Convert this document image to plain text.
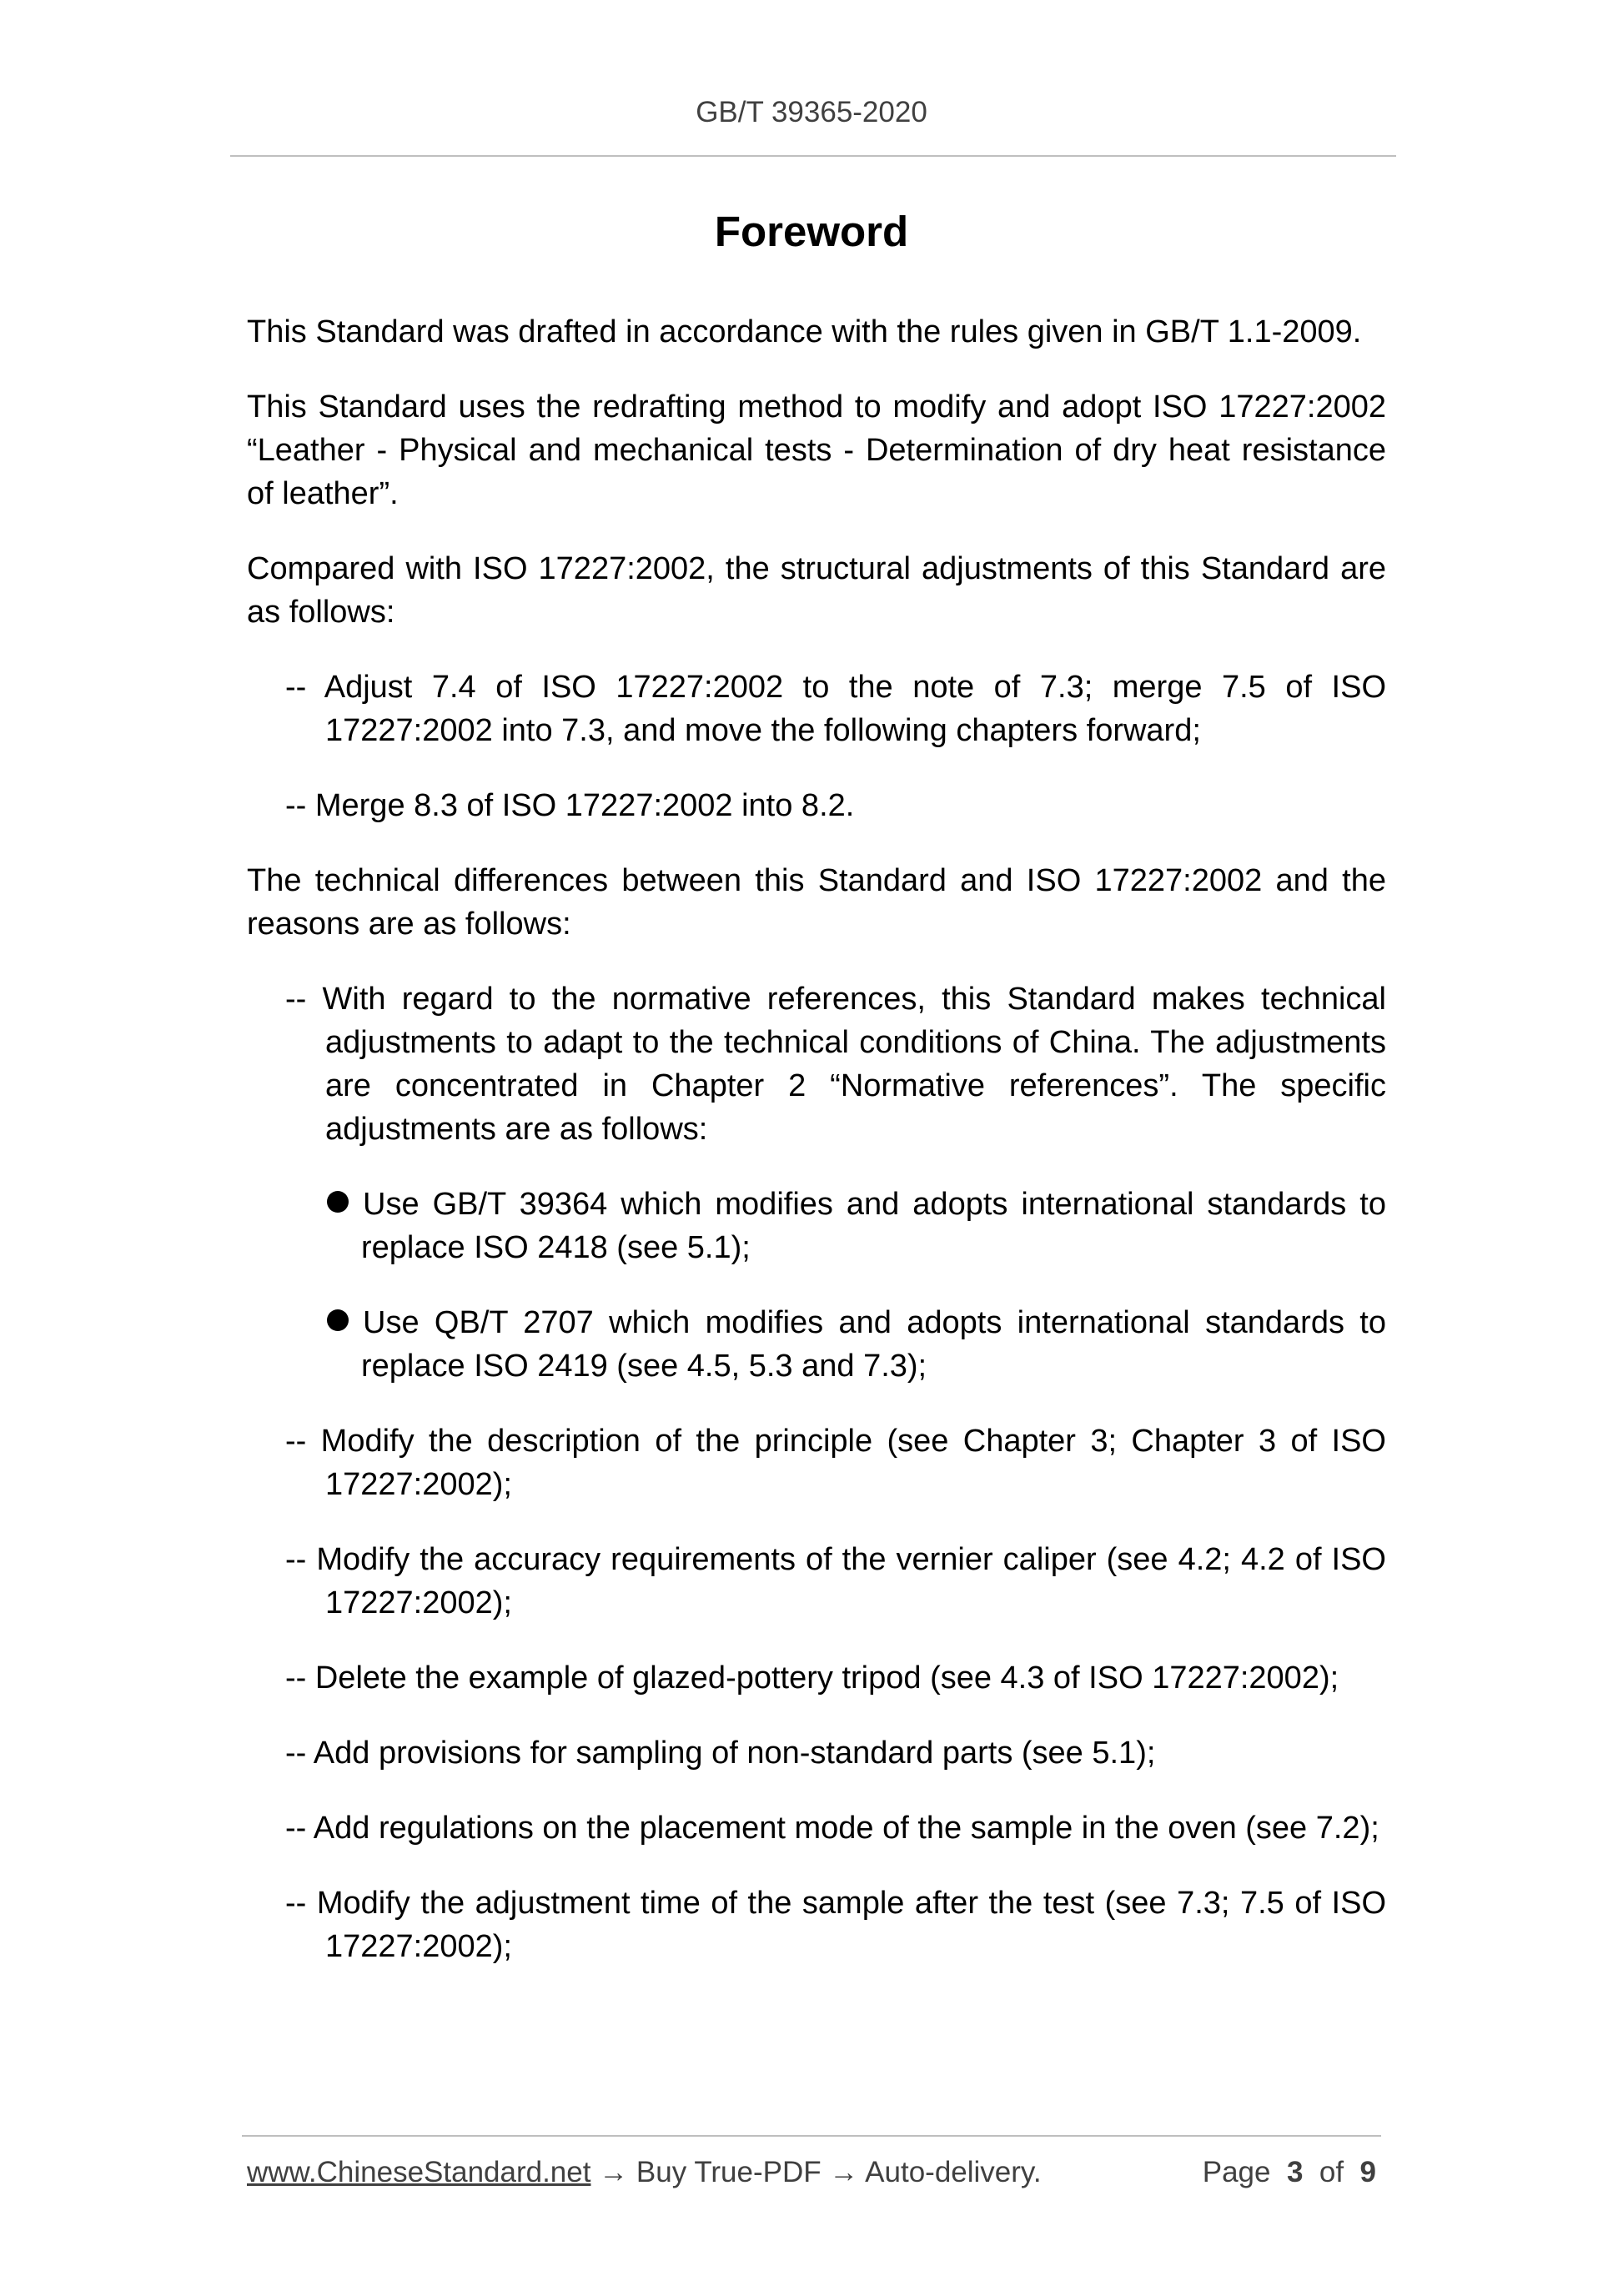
GB/T 39365-2020
Foreword

This Standard was drafted in accordance with the rules given in GB/T 1.1-2009.

This Standard uses the redrafting method to modify and adopt ISO 17227:2002 “Leather - Physical and mechanical tests - Determination of dry heat resistance of leather”.

Compared with ISO 17227:2002, the structural adjustments of this Standard are as follows:

-- Adjust 7.4 of ISO 17227:2002 to the note of 7.3; merge 7.5 of ISO 17227:2002 into 7.3, and move the following chapters forward;

-- Merge 8.3 of ISO 17227:2002 into 8.2.

The technical differences between this Standard and ISO 17227:2002 and the reasons are as follows:

-- With regard to the normative references, this Standard makes technical adjustments to adapt to the technical conditions of China. The adjustments are concentrated in Chapter 2 “Normative references”. The specific adjustments are as follows:

Use GB/T 39364 which modifies and adopts international standards to replace ISO 2418 (see 5.1);

Use QB/T 2707 which modifies and adopts international standards to replace ISO 2419 (see 4.5, 5.3 and 7.3);

-- Modify the description of the principle (see Chapter 3; Chapter 3 of ISO 17227:2002);

-- Modify the accuracy requirements of the vernier caliper (see 4.2; 4.2 of ISO 17227:2002);

-- Delete the example of glazed-pottery tripod (see 4.3 of ISO 17227:2002);

-- Add provisions for sampling of non-standard parts (see 5.1);

-- Add regulations on the placement mode of the sample in the oven (see 7.2);

-- Modify the adjustment time of the sample after the test (see 7.3; 7.5 of ISO 17227:2002);

www.ChineseStandard.net → Buy True-PDF → Auto-delivery.	Page 3 of 9
